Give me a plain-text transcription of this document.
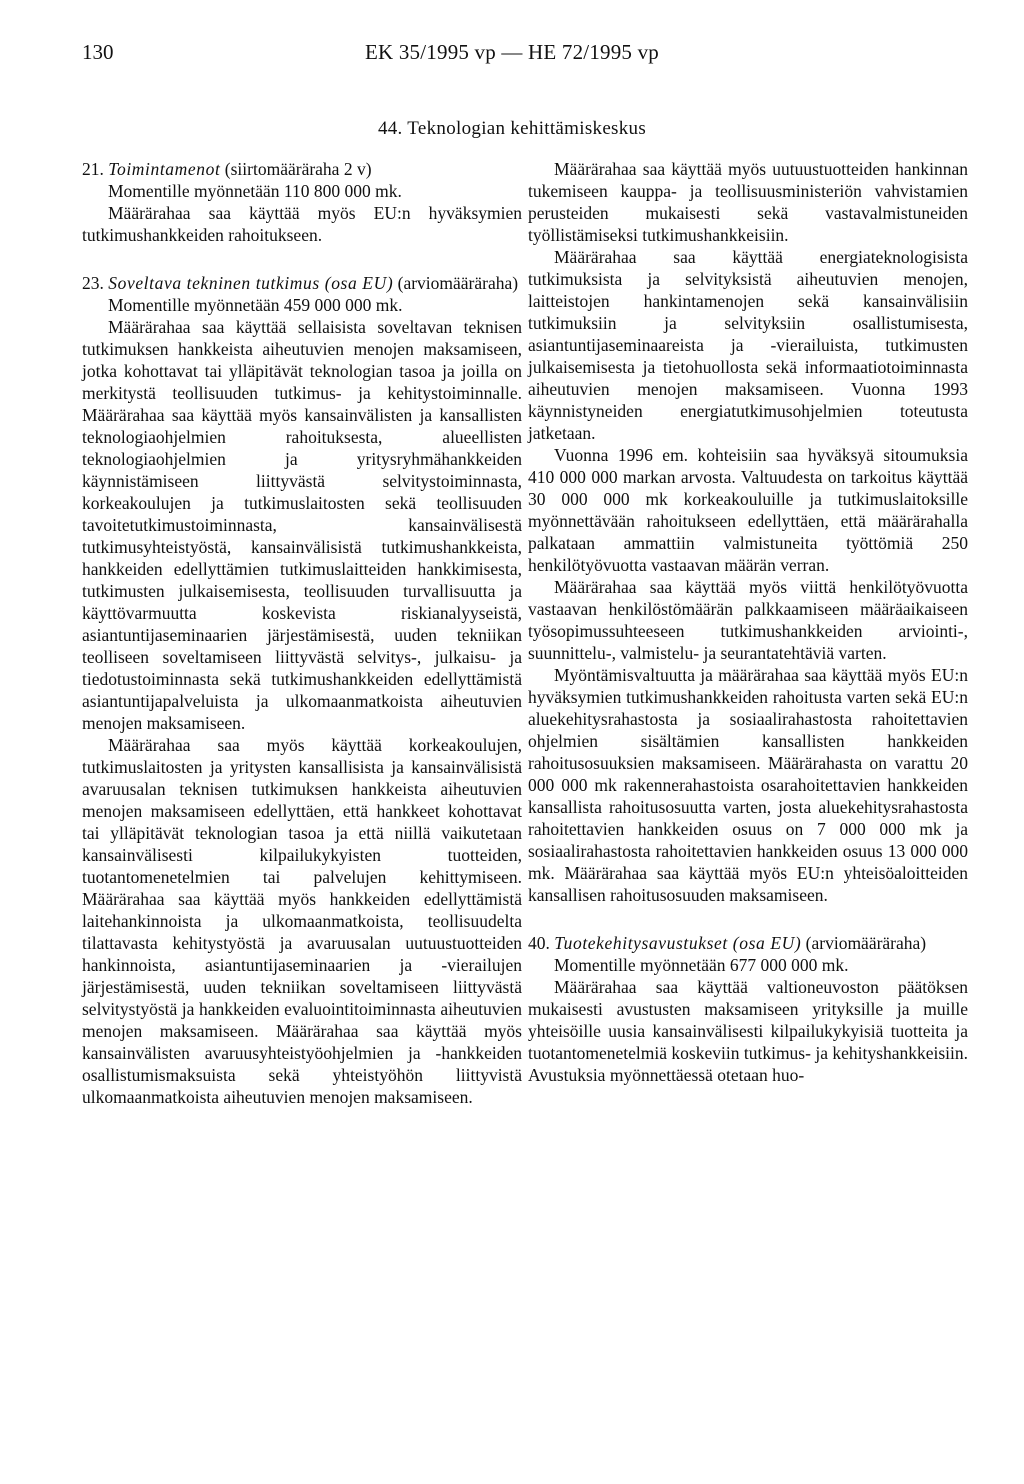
130	EK 35/1995 vp — HE 72/1995 vp
44. Teknologian kehittämiskeskus

21. Toimintamenot (siirtomääräraha 2 v)

Momentille myönnetään 110 800 000 mk.

Määrärahaa saa käyttää myös EU:n hyväksymien tutkimushankkeiden rahoitukseen.

23. Soveltava tekninen tutkimus (osa EU) (arviomääräraha)

Momentille myönnetään 459 000 000 mk.

Määrärahaa saa käyttää sellaisista soveltavan teknisen tutkimuksen hankkeista aiheutuvien menojen maksamiseen, jotka kohottavat tai ylläpitävät teknologian tasoa ja joilla on merkitystä teollisuuden tutkimus- ja kehitystoiminnalle. Määrärahaa saa käyttää myös kansainvälisten ja kansallisten teknologiaohjelmien rahoituksesta, alueellisten teknologiaohjelmien ja yritysryhmähankkeiden käynnistämiseen liittyvästä selvitystoiminnasta, korkeakoulujen ja tutkimuslaitosten sekä teollisuuden tavoitetutkimustoiminnasta, kansainvälisestä tutkimusyhteistyöstä, kansainvälisistä tutkimushankkeista, hankkeiden edellyttämien tutkimuslaitteiden hankkimisesta, tutkimusten julkaisemisesta, teollisuuden turvallisuutta ja käyttövarmuutta koskevista riskianalyyseistä, asiantuntijaseminaarien järjestämisestä, uuden tekniikan teolliseen soveltamiseen liittyvästä selvitys-, julkaisu- ja tiedotustoiminnasta sekä tutkimushankkeiden edellyttämistä asiantuntijapalveluista ja ulkomaanmatkoista aiheutuvien menojen maksamiseen.

Määrärahaa saa myös käyttää korkeakoulujen, tutkimuslaitosten ja yritysten kansallisista ja kansainvälisistä avaruusalan teknisen tutkimuksen hankkeista aiheutuvien menojen maksamiseen edellyttäen, että hankkeet kohottavat tai ylläpitävät teknologian tasoa ja että niillä vaikutetaan kansainvälisesti kilpailukykyisten tuotteiden, tuotantomenetelmien tai palvelujen kehittymiseen. Määrärahaa saa käyttää myös hankkeiden edellyttämistä laitehankinnoista ja ulkomaanmatkoista, teollisuudelta tilattavasta kehitystyöstä ja avaruusalan uutuustuotteiden hankinnoista, asiantuntijaseminaarien ja -vierailujen järjestämisestä, uuden tekniikan soveltamiseen liittyvästä selvitystyöstä ja hankkeiden evaluointitoiminnasta aiheutuvien menojen maksamiseen. Määrärahaa saa käyttää myös kansainvälisten avaruusyhteistyöohjelmien ja -hankkeiden osallistumismaksuista sekä yhteistyöhön liittyvistä ulkomaanmatkoista aiheutuvien menojen maksamiseen.

Määrärahaa saa käyttää myös uutuustuotteiden hankinnan tukemiseen kauppa- ja teollisuusministeriön vahvistamien perusteiden mukaisesti sekä vastavalmistuneiden työllistämiseksi tutkimushankkeisiin.

Määrärahaa saa käyttää energiateknologisista tutkimuksista ja selvityksistä aiheutuvien menojen, laitteistojen hankintamenojen sekä kansainvälisiin tutkimuksiin ja selvityksiin osallistumisesta, asiantuntijaseminaareista ja -vierailuista, tutkimusten julkaisemisesta ja tietohuollosta sekä informaatiotoiminnasta aiheutuvien menojen maksamiseen. Vuonna 1993 käynnistyneiden energiatutkimusohjelmien toteutusta jatketaan.

Vuonna 1996 em. kohteisiin saa hyväksyä sitoumuksia 410 000 000 markan arvosta. Valtuudesta on tarkoitus käyttää 30 000 000 mk korkeakouluille ja tutkimuslaitoksille myönnettävään rahoitukseen edellyttäen, että määrärahalla palkataan ammattiin valmistuneita työttömiä 250 henkilötyövuotta vastaavan määrän verran.

Määrärahaa saa käyttää myös viittä henkilötyövuotta vastaavan henkilöstömäärän palkkaamiseen määräaikaiseen työsopimussuhteeseen tutkimushankkeiden arviointi-, suunnittelu-, valmistelu- ja seurantatehtäviä varten.

Myöntämisvaltuutta ja määrärahaa saa käyttää myös EU:n hyväksymien tutkimushankkeiden rahoitusta varten sekä EU:n aluekehitysrahastosta ja sosiaalirahastosta rahoitettavien ohjelmien sisältämien kansallisten hankkeiden rahoitusosuuksien maksamiseen. Määrärahasta on varattu 20 000 000 mk rakennerahastoista osarahoitettavien hankkeiden kansallista rahoitusosuutta varten, josta aluekehitysrahastosta rahoitettavien hankkeiden osuus on 7 000 000 mk ja sosiaalirahastosta rahoitettavien hankkeiden osuus 13 000 000 mk. Määrärahaa saa käyttää myös EU:n yhteisöaloitteiden kansallisen rahoitusosuuden maksamiseen.

40. Tuotekehitysavustukset (osa EU) (arviomääräraha)

Momentille myönnetään 677 000 000 mk.

Määrärahaa saa käyttää valtioneuvoston päätöksen mukaisesti avustusten maksamiseen yrityksille ja muille yhteisöille uusia kansainvälisesti kilpailukykyisiä tuotteita ja tuotantomenetelmiä koskeviin tutkimus- ja kehityshankkeisiin. Avustuksia myönnettäessä otetaan huo-
